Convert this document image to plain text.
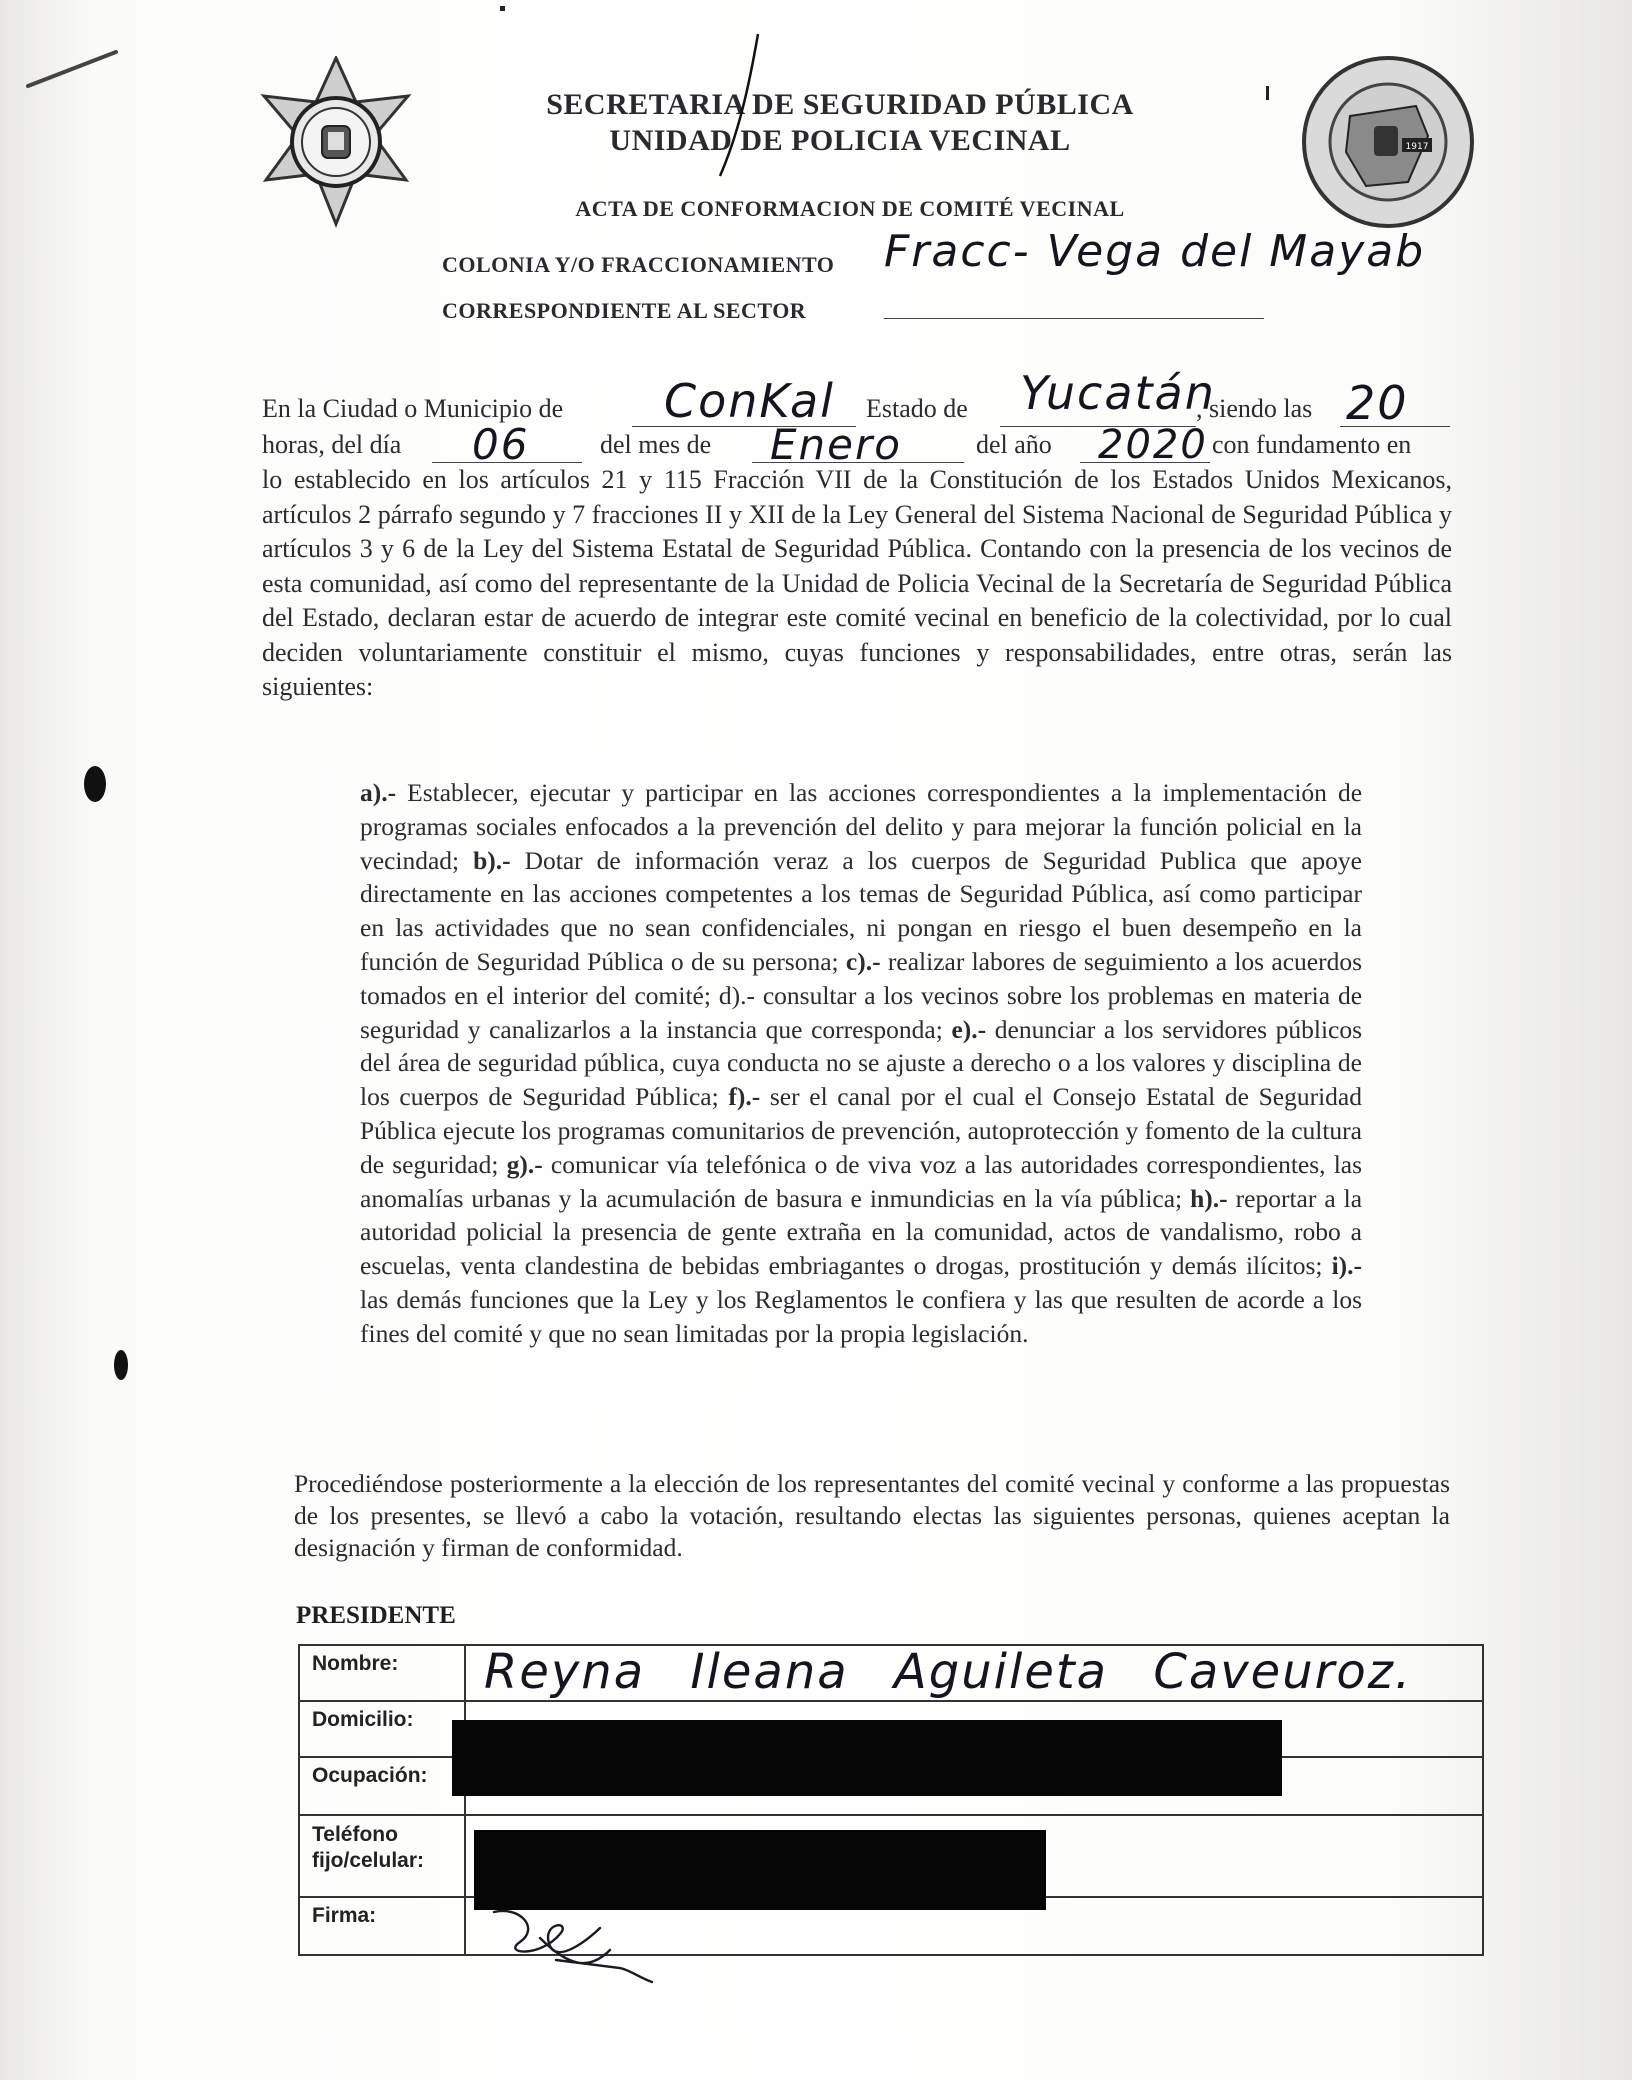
1917
SECRETARIA DE SEGURIDAD PÚBLICA
UNIDAD DE POLICIA VECINAL
ACTA DE CONFORMACION DE COMITÉ VECINAL
COLONIA Y/O FRACCIONAMIENTO Fracc- Vega del Mayab
CORRESPONDIENTE AL SECTOR
En la Ciudad o Municipio de ConKal Estado de Yucatán
, siendo las 20
horas, del día 06	del mes de Enero	del año 2020 con fundamento en
lo establecido en los artículos 21 y 115 Fracción VII de la Constitución de los Estados Unidos Mexicanos, artículos 2 párrafo segundo y 7 fracciones II y XII de la Ley General del Sistema Nacional de Seguridad Pública y artículos 3 y 6 de la Ley del Sistema Estatal de Seguridad Pública. Contando con la presencia de los vecinos de esta comunidad, así como del representante de la Unidad de Policia Vecinal de la Secretaría de Seguridad Pública del Estado, declaran estar de acuerdo de integrar este comité vecinal en beneficio de la colectividad, por lo cual deciden voluntariamente constituir el mismo, cuyas funciones y responsabilidades, entre otras, serán las siguientes:
a).- Establecer, ejecutar y participar en las acciones correspondientes a la implementación de programas sociales enfocados a la prevención del delito y para mejorar la función policial en la vecindad; b).- Dotar de información veraz a los cuerpos de Seguridad Publica que apoye directamente en las acciones competentes a los temas de Seguridad Pública, así como participar en las actividades que no sean confidenciales, ni pongan en riesgo el buen desempeño en la función de Seguridad Pública o de su persona; c).- realizar labores de seguimiento a los acuerdos tomados en el interior del comité; d).- consultar a los vecinos sobre los problemas en materia de seguridad y canalizarlos a la instancia que corresponda; e).- denunciar a los servidores públicos del área de seguridad pública, cuya conducta no se ajuste a derecho o a los valores y disciplina de los cuerpos de Seguridad Pública; f).- ser el canal por el cual el Consejo Estatal de Seguridad Pública ejecute los programas comunitarios de prevención, autoprotección y fomento de la cultura de seguridad; g).- comunicar vía telefónica o de viva voz a las autoridades correspondientes, las anomalías urbanas y la acumulación de basura e inmundicias en la vía pública; h).- reportar a la autoridad policial la presencia de gente extraña en la comunidad, actos de vandalismo, robo a escuelas, venta clandestina de bebidas embriagantes o drogas, prostitución y demás ilícitos; i).- las demás funciones que la Ley y los Reglamentos le confiera y las que resulten de acorde a los fines del comité y que no sean limitadas por la propia legislación.
Procediéndose posteriormente a la elección de los representantes del comité vecinal y conforme a las propuestas de los presentes, se llevó a cabo la votación, resultando electas las siguientes personas, quienes aceptan la designación y firman de conformidad.
PRESIDENTE
Nombre:	Reyna Ileana Aguileta Caveuroz.

Domicilio:	
Ocupación:	
Teléfono
fijo/celular:	
Firma:	
